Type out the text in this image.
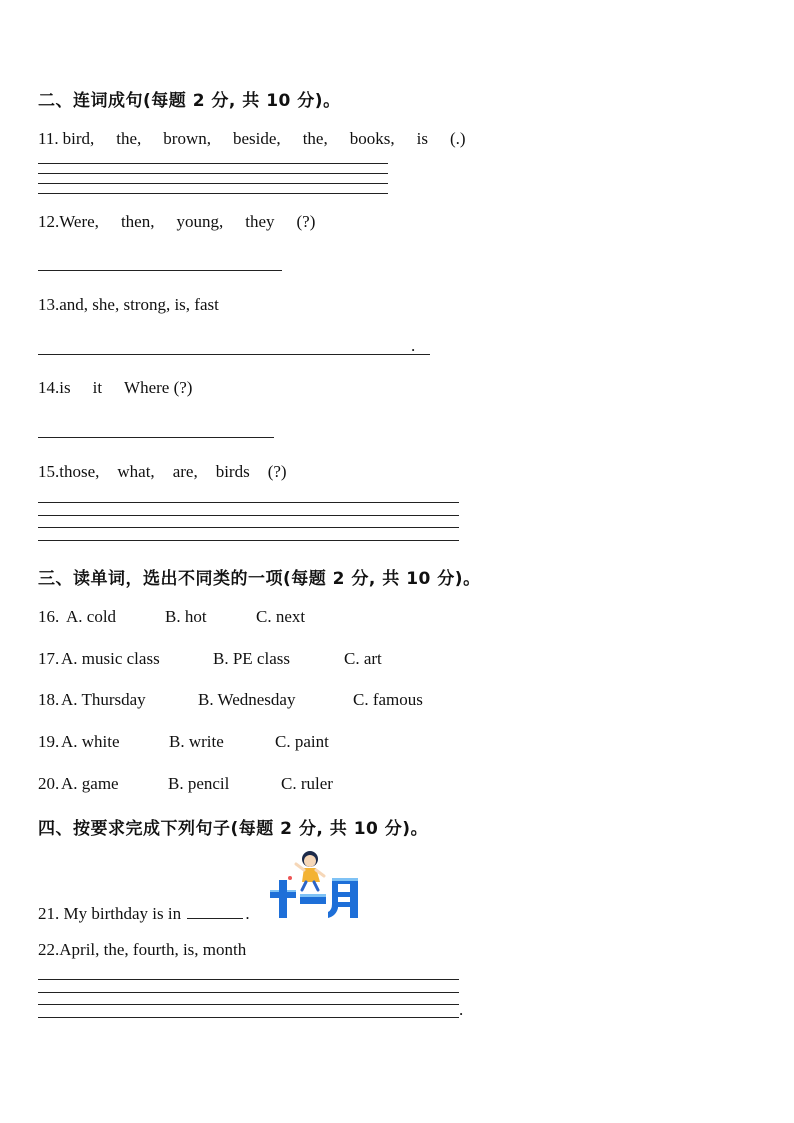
二、连词成句(每题 2 分, 共 10 分)。
11. bird, the, brown, beside, the, books, is (.)
12.Were, then, young, they (?)
13.and, she, strong, is, fast
.
14.is it Where (?)
15.those, what, are, birds (?)
三、读单词，选出不同类的一项(每题 2 分, 共 10 分)。
16. A. cold	B. hot	C. next
17. A. music class	B. PE class	C. art
18. A. Thursday	B. Wednesday	C. famous
19. A. white	B. write	C. paint
20. A. game	B. pencil	C. ruler
四、按要求完成下列句子(每题 2 分, 共 10 分)。
21. My birthday is in	.
22.April, the, fourth, is, month
.
